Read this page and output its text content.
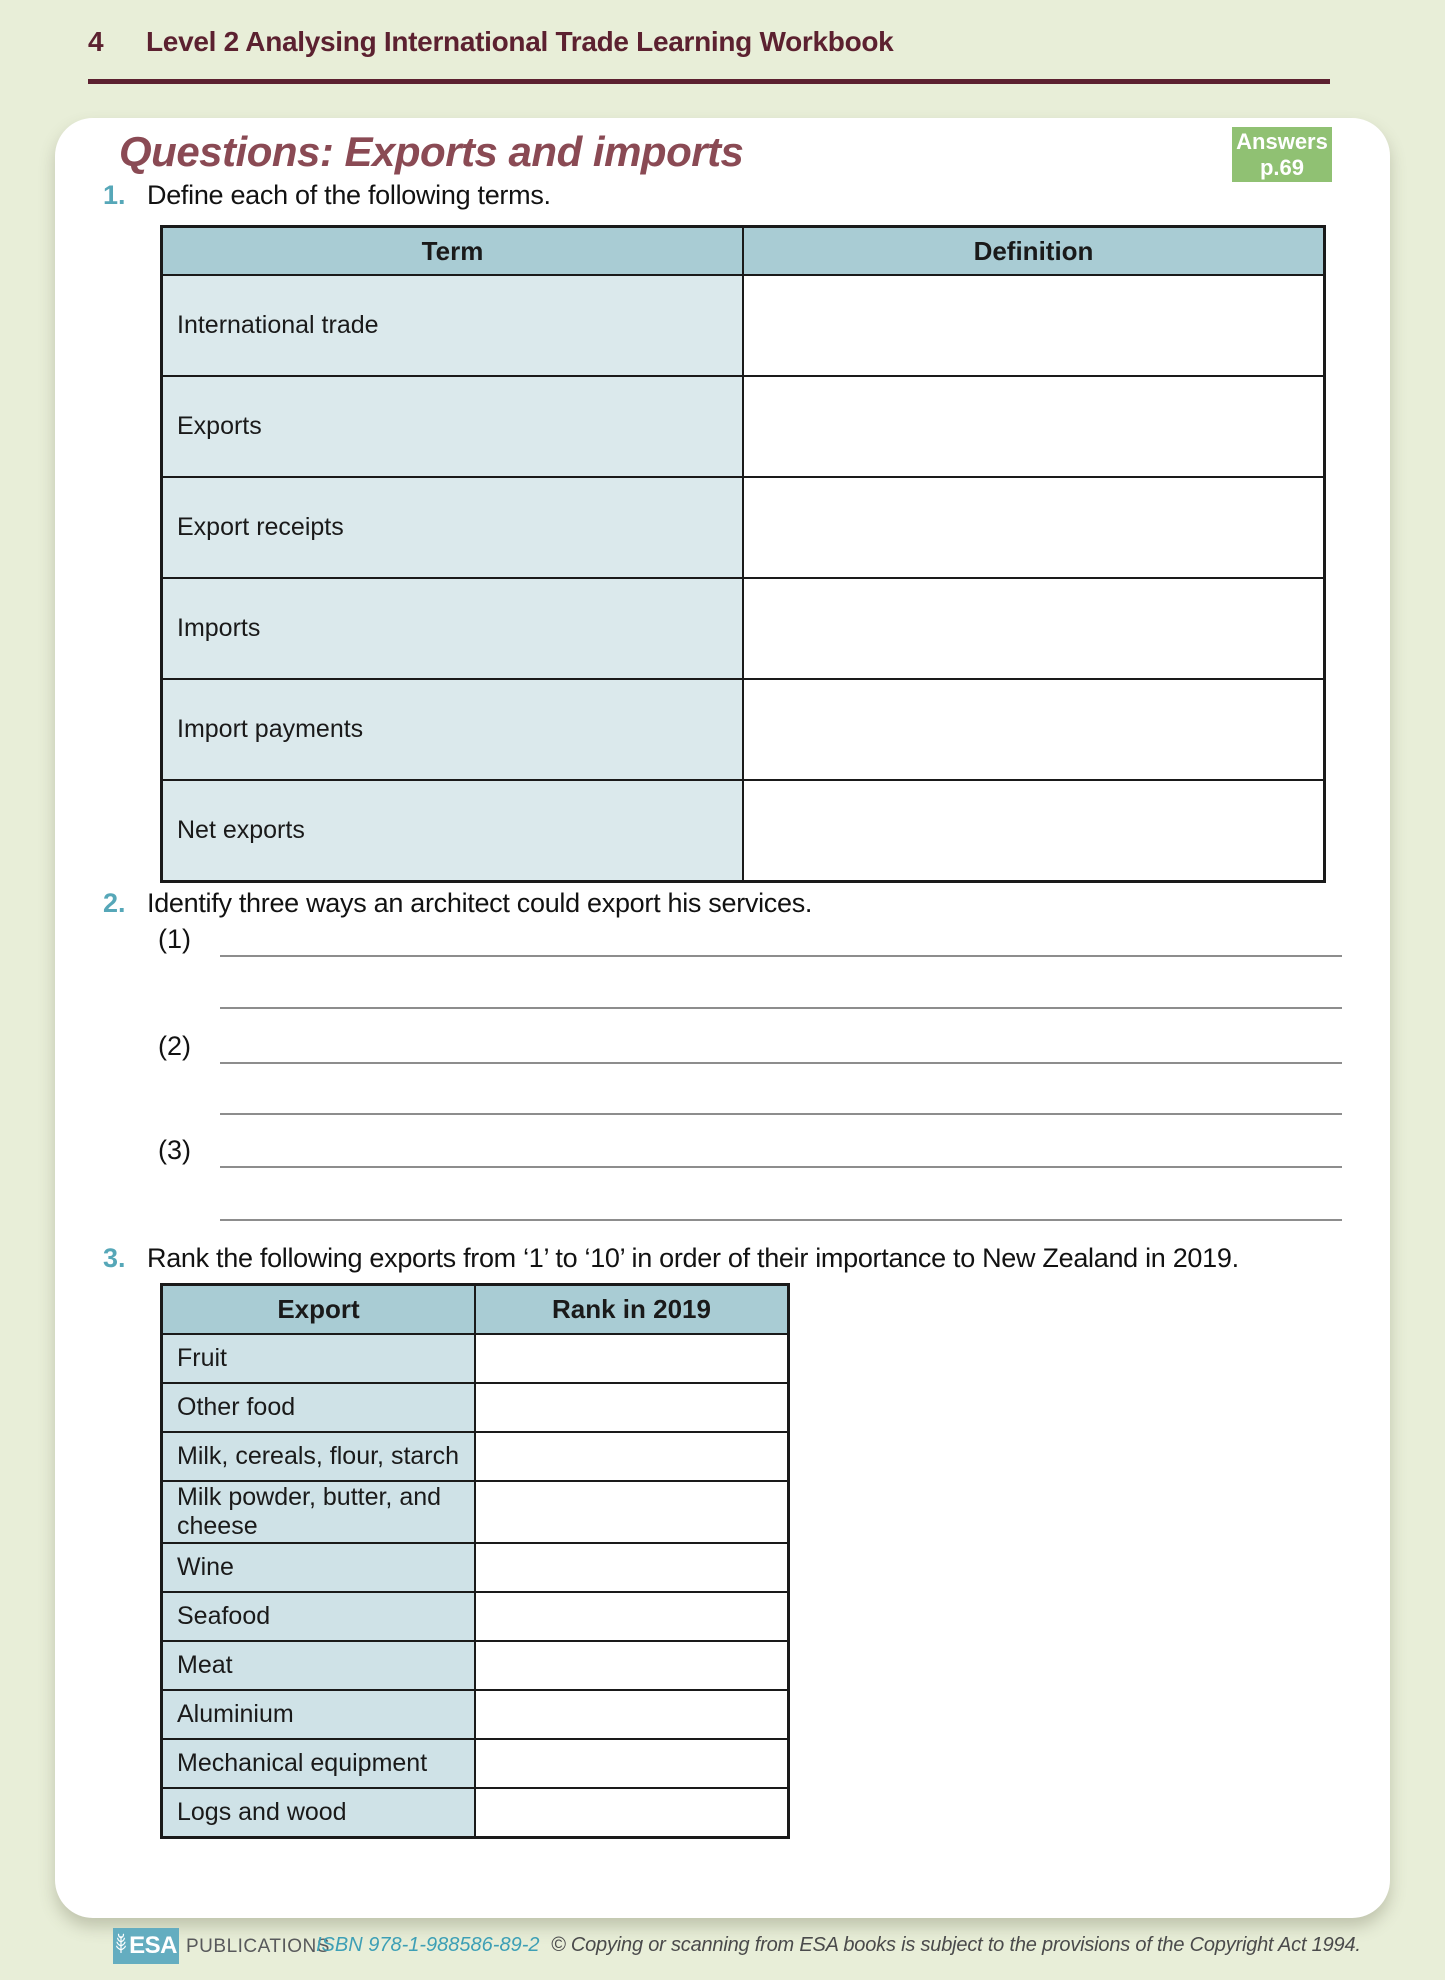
4 Level 2 Analysing International Trade Learning Workbook
Questions: Exports and imports	Answers
p.69
1. Define each of the following terms.
Term	Definition
International trade	
Exports	
Export receipts	
Imports	
Import payments	
Net exports	
2. Identify three ways an architect could export his services.
(1)
(2)
(3)
3. Rank the following exports from ‘1’ to ‘10’ in order of their importance to New Zealand in 2019.
Export	Rank in 2019
Fruit	
Other food	
Milk, cereals, flour, starch	
Milk powder, butter, and cheese	
Wine	
Seafood	
Meat	
Aluminium	
Mechanical equipment	
Logs and wood	
ESA PUBLICATIONS
ISBN 978-1-988586-89-2 © Copying or scanning from ESA books is subject to the provisions of the Copyright Act 1994.
